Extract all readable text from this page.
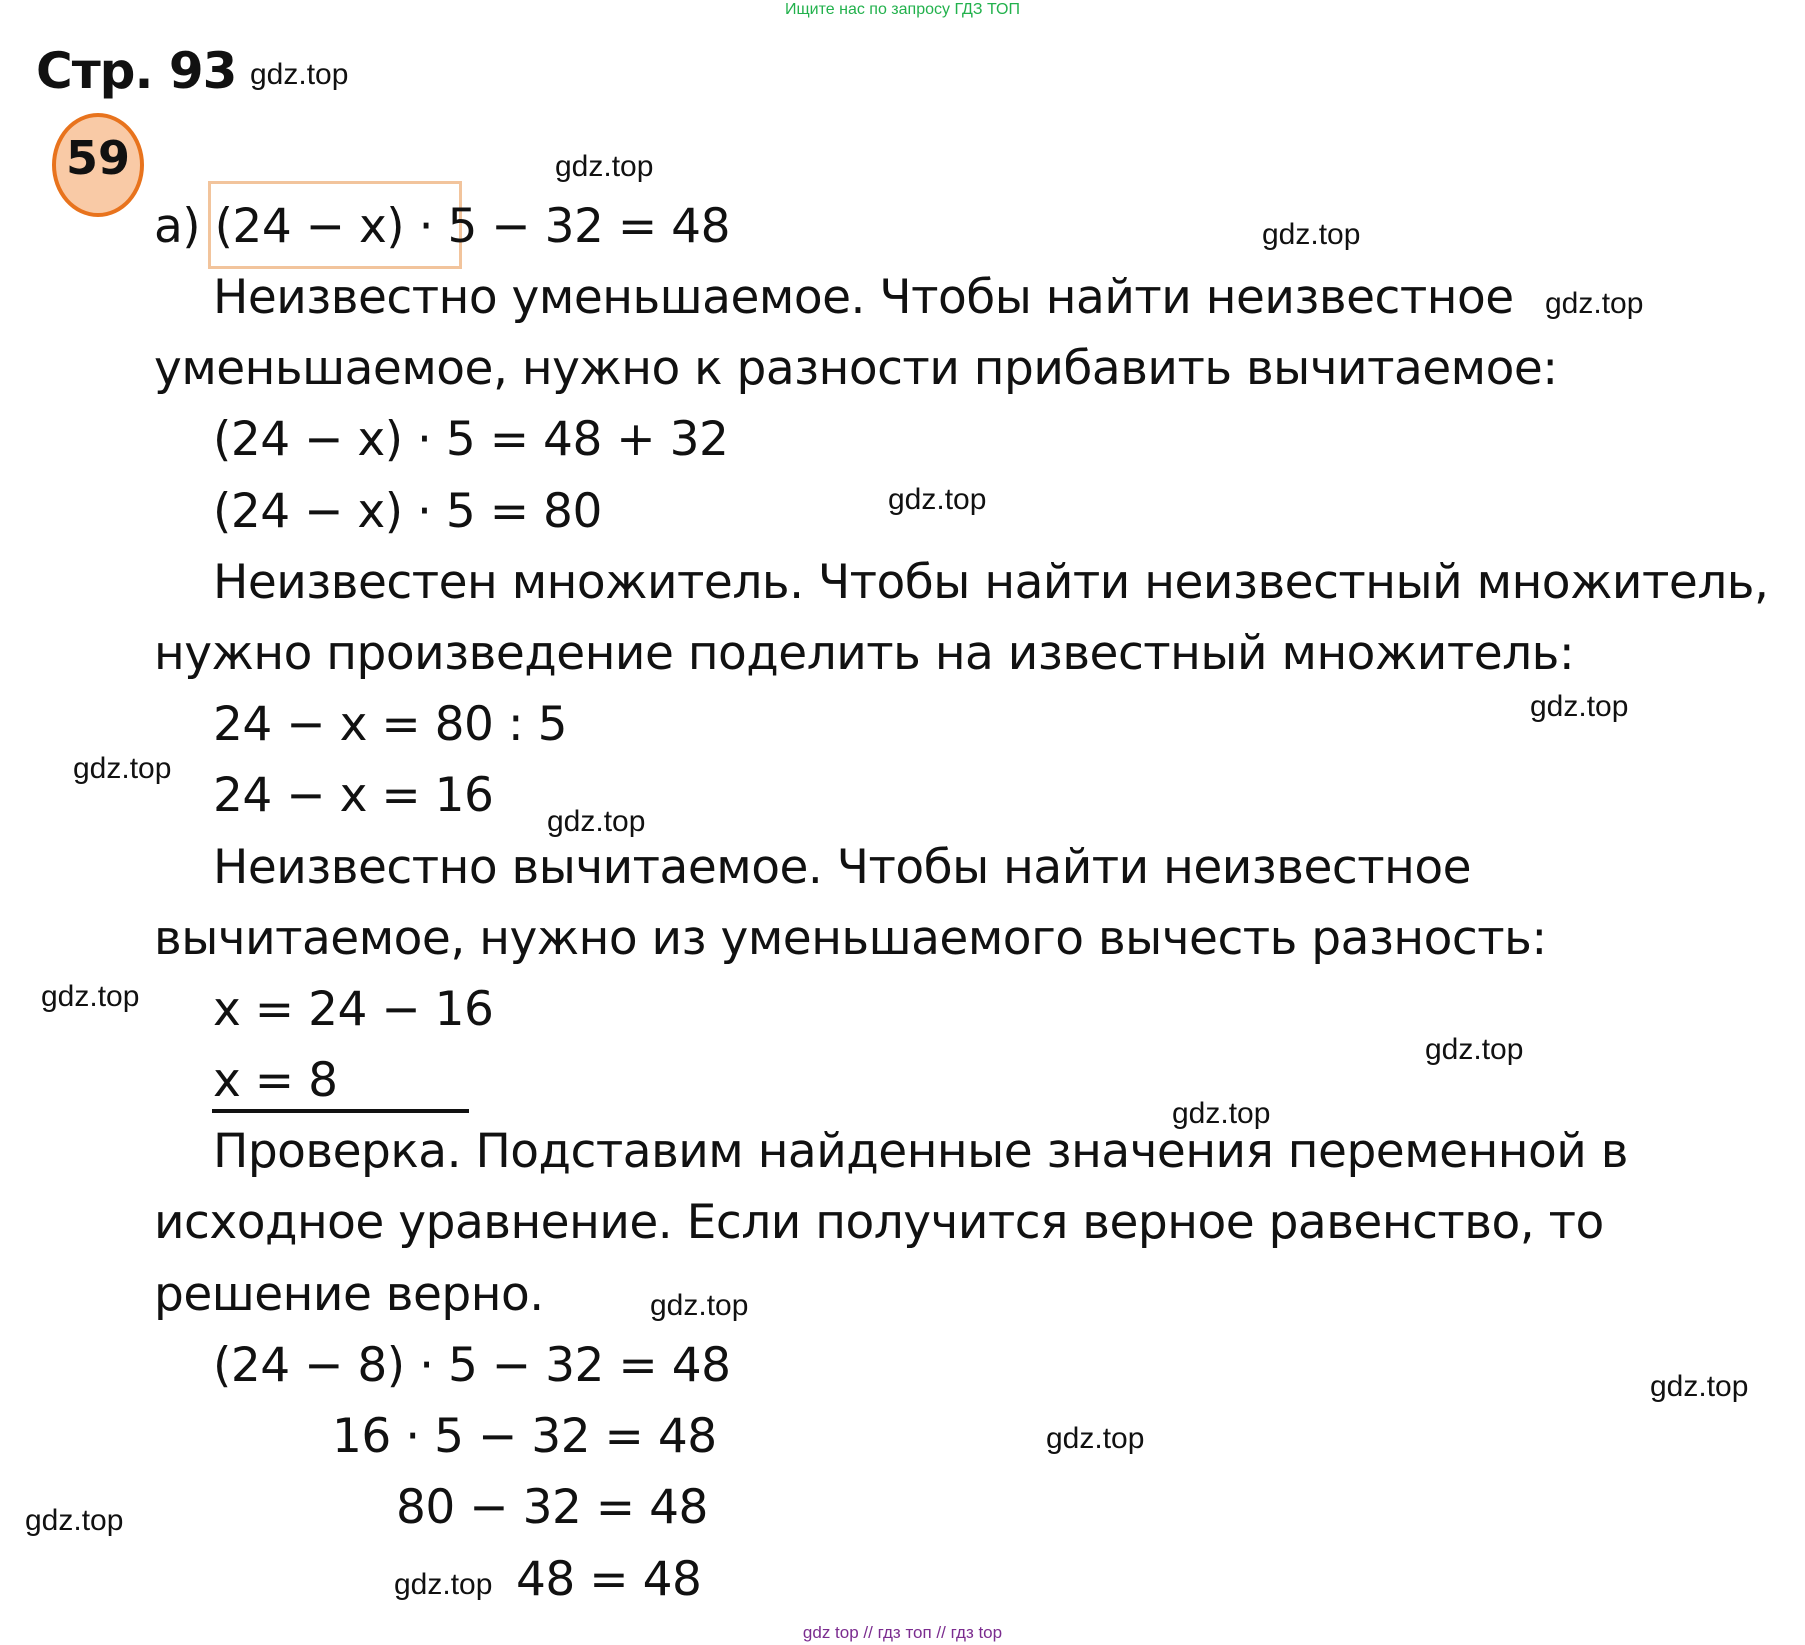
Ищите нас по запросу ГДЗ ТОП
Стр. 93
59
а) (24 − x) · 5 − 32 = 48
Неизвестно уменьшаемое. Чтобы найти неизвестное
уменьшаемое, нужно к разности прибавить вычитаемое:
(24 − x) · 5 = 48 + 32
(24 − x) · 5 = 80
Неизвестен множитель. Чтобы найти неизвестный множитель,
нужно произведение поделить на известный множитель:
24 − x = 80 : 5
24 − x = 16
Неизвестно вычитаемое. Чтобы найти неизвестное
вычитаемое, нужно из уменьшаемого вычесть разность:
x = 24 − 16
x = 8
Проверка. Подставим найденные значения переменной в
исходное уравнение. Если получится верное равенство, то
решение верно.
(24 − 8) · 5 − 32 = 48
16 · 5 − 32 = 48
80 − 32 = 48
48 = 48
gdz.top
gdz.top
gdz.top
gdz.top
gdz.top
gdz.top
gdz.top
gdz.top
gdz.top
gdz.top
gdz.top
gdz.top
gdz.top
gdz.top
gdz.top
gdz.top
gdz top // гдз топ // гдз top
